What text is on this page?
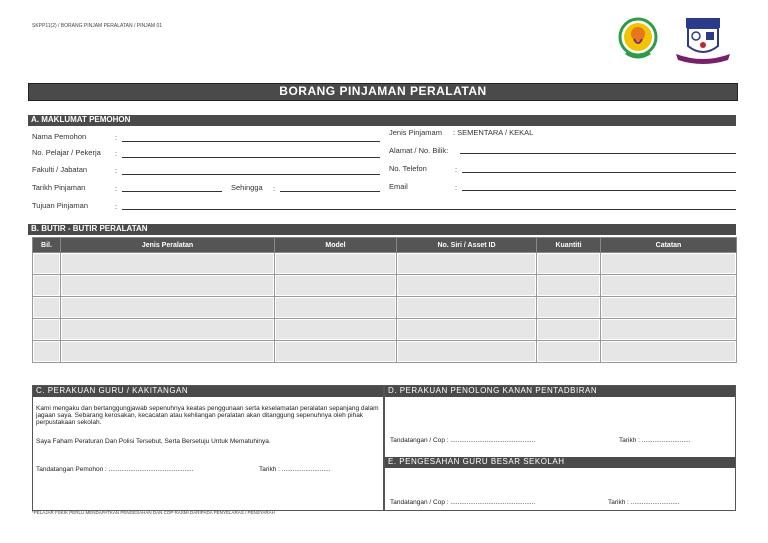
SKPP11(2) / BORANG PINJAM PERALATAN / PINJAM 01
BORANG PINJAMAN PERALATAN
A. MAKLUMAT PEMOHON
Nama Pemohon	:
No. Pelajar / Pekerja :
Fakulti / Jabatan	:
Tarikh Pinjaman	:	Sehingga :
Tujuan Pinjaman	:
Jenis Pinjamam : SEMENTARA / KEKAL
Alamat / No. Bilik:
No. Telefon	:
Email	:
B. BUTIR - BUTIR PERALATAN
Bil.	Jenis Peralatan	Model	No. Siri / Asset ID	Kuantiti	Catatan

C. PERAKUAN GURU / KAKITANGAN	D. PERAKUAN PENOLONG KANAN PENTADBIRAN
Kami mengaku dan bertanggungjawab sepenuhnya keatas penggunaan serta keselamatan peralatan sepanjang dalam jagaan saya. Sebarang kerosakan, kecacatan atau kehilangan peralatan akan ditanggung sepenuhnya oleh pihak perpustakaan sekolah.
Saya Faham Peraturan Dan Polisi Tersebut, Serta Bersetuju Untuk Mematuhinya.
Tandatangan Pemohon : ...............................................	Tarikh : ...........................
Tandatangan / Cop : ...............................................	Tarikh : ...........................
E. PENGESAHAN GURU BESAR SEKOLAH
Tandatangan / Cop : ...............................................	Tarikh : ...........................
*PELAJAR FSKIK PERLU MENDAPATKAN PENGESAHAN DAN COP RASMI DARIPADA PENYELARAS / PENSYARAH
